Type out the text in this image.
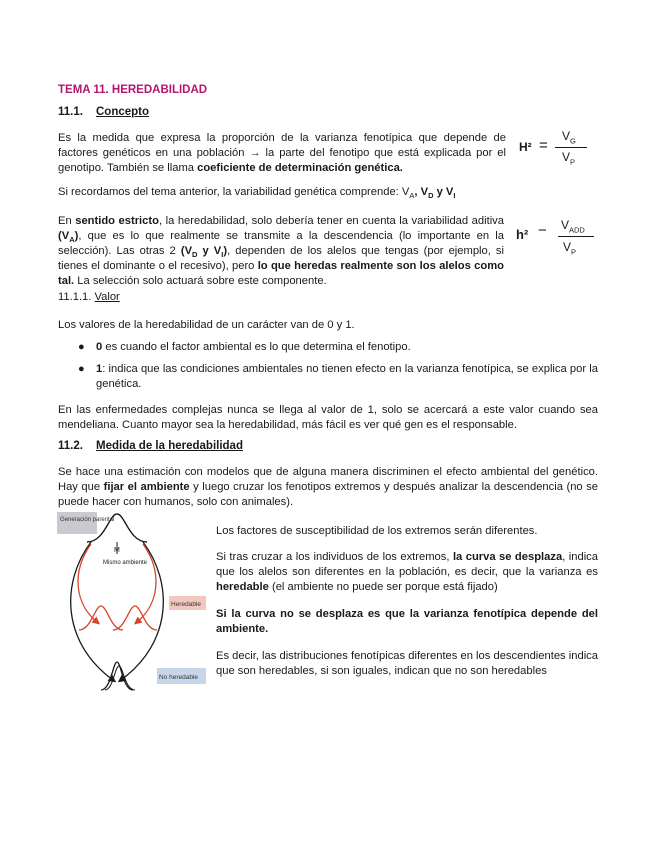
TEMA 11. HEREDABILIDAD
11.1. Concepto
Es la medida que expresa la proporción de la varianza fenotípica que depende de factores genéticos en una población → la parte del fenotipo que está explicada por el genotipo. También se llama coeficiente de determinación genética.
H² =
$V_G$
$V_P$
Si recordamos del tema anterior, la variabilidad genética comprende: $V_A$, $V_D$ y $V_I$
En sentido estricto, la heredabilidad, solo debería tener en cuenta la variabilidad aditiva $(V_A)$, que es lo que realmente se transmite a la descendencia (lo importante en la selección). Las otras 2 ($V_D$ y $V_I$), dependen de los alelos que tengas (por ejemplo, si tienes el dominante o el recesivo), pero lo que heredas realmente son los alelos como tal. La selección solo actuará sobre este componente.
$h^2 - V_{ADD}$
$V_P$
11.1.1. Valor
Los valores de la heredabilidad de un carácter van de 0 y 1.
● 0 es cuando el factor ambiental es lo que determina el fenotipo.
● 1: indica que las condiciones ambientales no tienen efecto en la varianza fenotípica, se explica por la genética.
En las enfermedades complejas nunca se llega al valor de 1, solo se acercará a este valor cuando sea mendeliana. Cuanto mayor sea la heredabilidad, más fácil es ver qué gen es el responsable.
11.2. Medida de la heredabilidad
Se hace una estimación con modelos que de alguna manera discriminen el efecto ambiental del genético. Hay que fijar el ambiente y luego cruzar los fenotipos extremos y después analizar la descendencia (no se puede hacer con humanos, solo con animales).
Generación parental
M
Mismo ambiente
Heredable
No heredable
Los factores de susceptibilidad de los extremos serán diferentes.
Si tras cruzar a los individuos de los extremos, la curva se desplaza, indica que los alelos son diferentes en la población, es decir, que la varianza es heredable (el ambiente no puede ser porque está fijado)
Si la curva no se desplaza es que la varianza fenotípica depende del ambiente.
Es decir, las distribuciones fenotípicas diferentes en los descendientes indica que son heredables, si son iguales, indican que no son heredables
